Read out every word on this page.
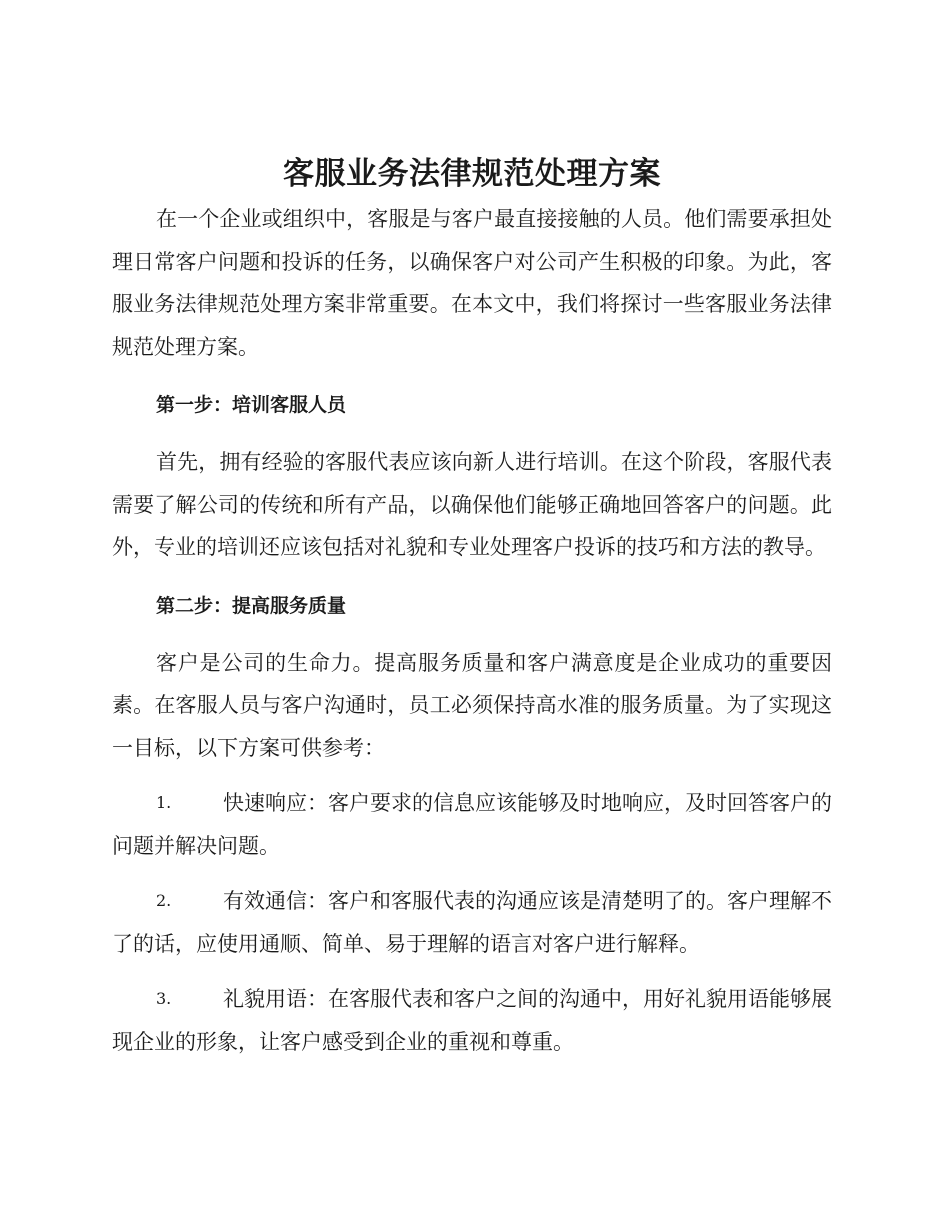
客服业务法律规范处理方案

在一个企业或组织中，客服是与客户最直接接触的人员。他们需要承担处理日常客户问题和投诉的任务，以确保客户对公司产生积极的印象。为此，客服业务法律规范处理方案非常重要。在本文中，我们将探讨一些客服业务法律规范处理方案。

第一步：培训客服人员

首先，拥有经验的客服代表应该向新人进行培训。在这个阶段，客服代表需要了解公司的传统和所有产品，以确保他们能够正确地回答客户的问题。此外，专业的培训还应该包括对礼貌和专业处理客户投诉的技巧和方法的教导。

第二步：提高服务质量

客户是公司的生命力。提高服务质量和客户满意度是企业成功的重要因素。在客服人员与客户沟通时，员工必须保持高水准的服务质量。为了实现这一目标，以下方案可供参考：

1. 快速响应：客户要求的信息应该能够及时地响应，及时回答客户的问题并解决问题。

2. 有效通信：客户和客服代表的沟通应该是清楚明了的。客户理解不了的话，应使用通顺、简单、易于理解的语言对客户进行解释。

3. 礼貌用语：在客服代表和客户之间的沟通中，用好礼貌用语能够展现企业的形象，让客户感受到企业的重视和尊重。
